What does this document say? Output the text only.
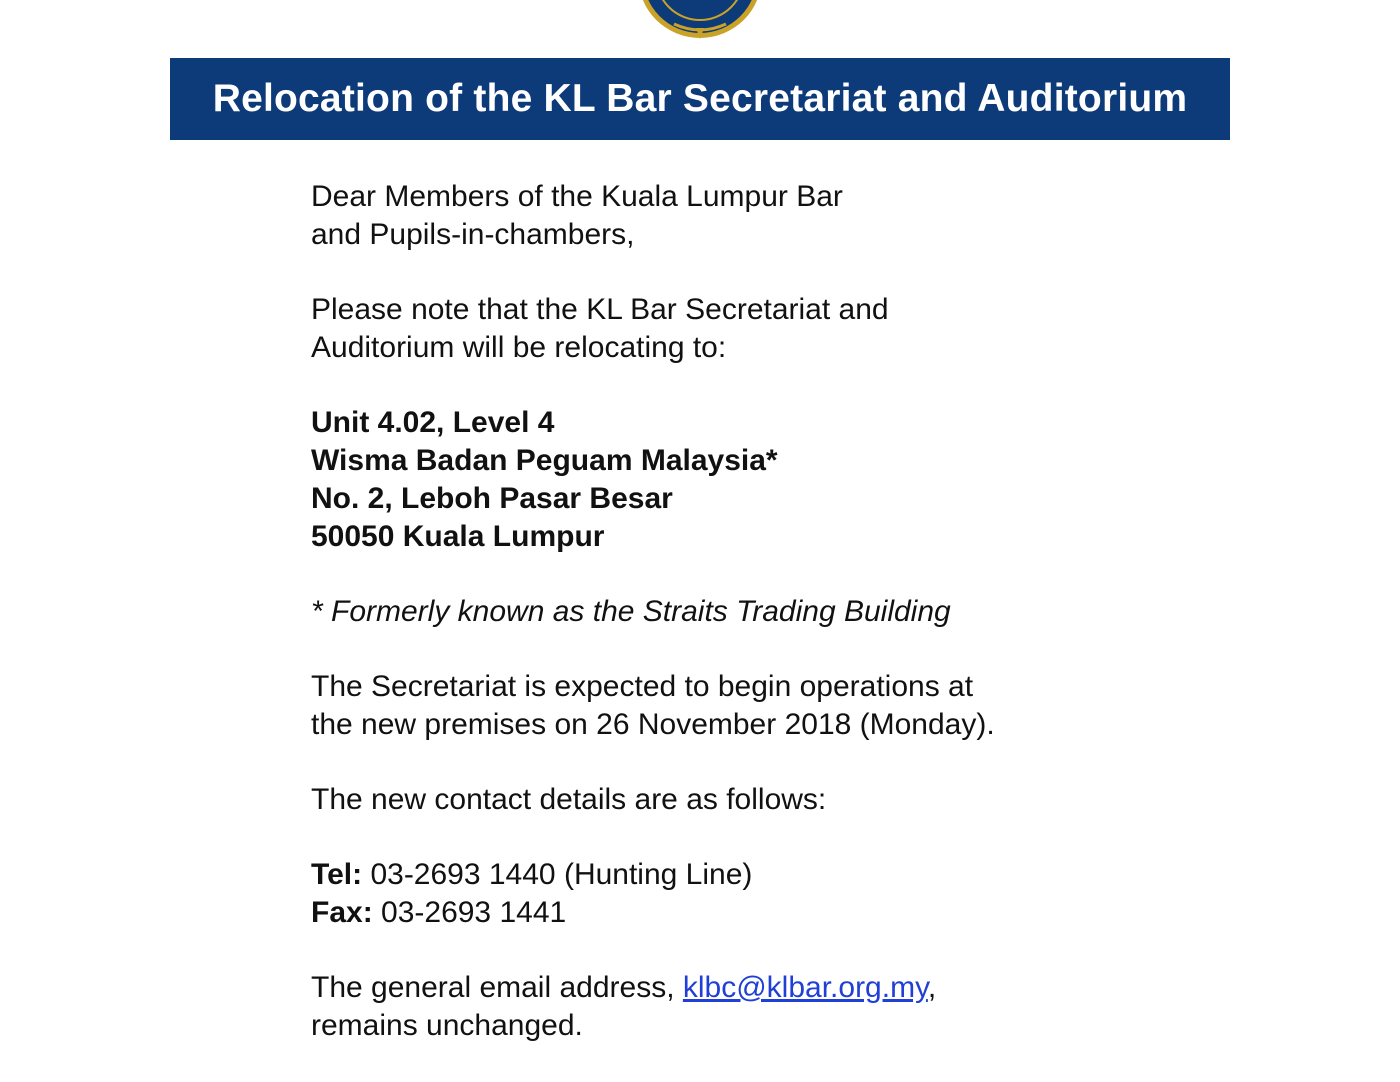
Relocation of the KL Bar Secretariat and Auditorium

Dear Members of the Kuala Lumpur Bar
and Pupils-in-chambers,

Please note that the KL Bar Secretariat and
Auditorium will be relocating to:

Unit 4.02, Level 4
Wisma Badan Peguam Malaysia*
No. 2, Leboh Pasar Besar
50050 Kuala Lumpur

* Formerly known as the Straits Trading Building

The Secretariat is expected to begin operations at
the new premises on 26 November 2018 (Monday).

The new contact details are as follows:

Tel: 03-2693 1440 (Hunting Line)
Fax: 03-2693 1441

The general email address, klbc@klbar.org.my,
remains unchanged.
